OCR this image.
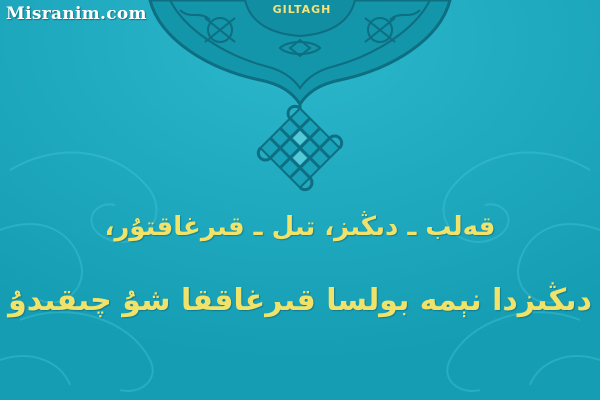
Misranim.com	GILTAGH
قەلب ـ دىڭىز، تىل ـ قىرغاقتۇر،
دىڭىزدا نېمە بولسا قىرغاققا شۇ چىقىدۇ
